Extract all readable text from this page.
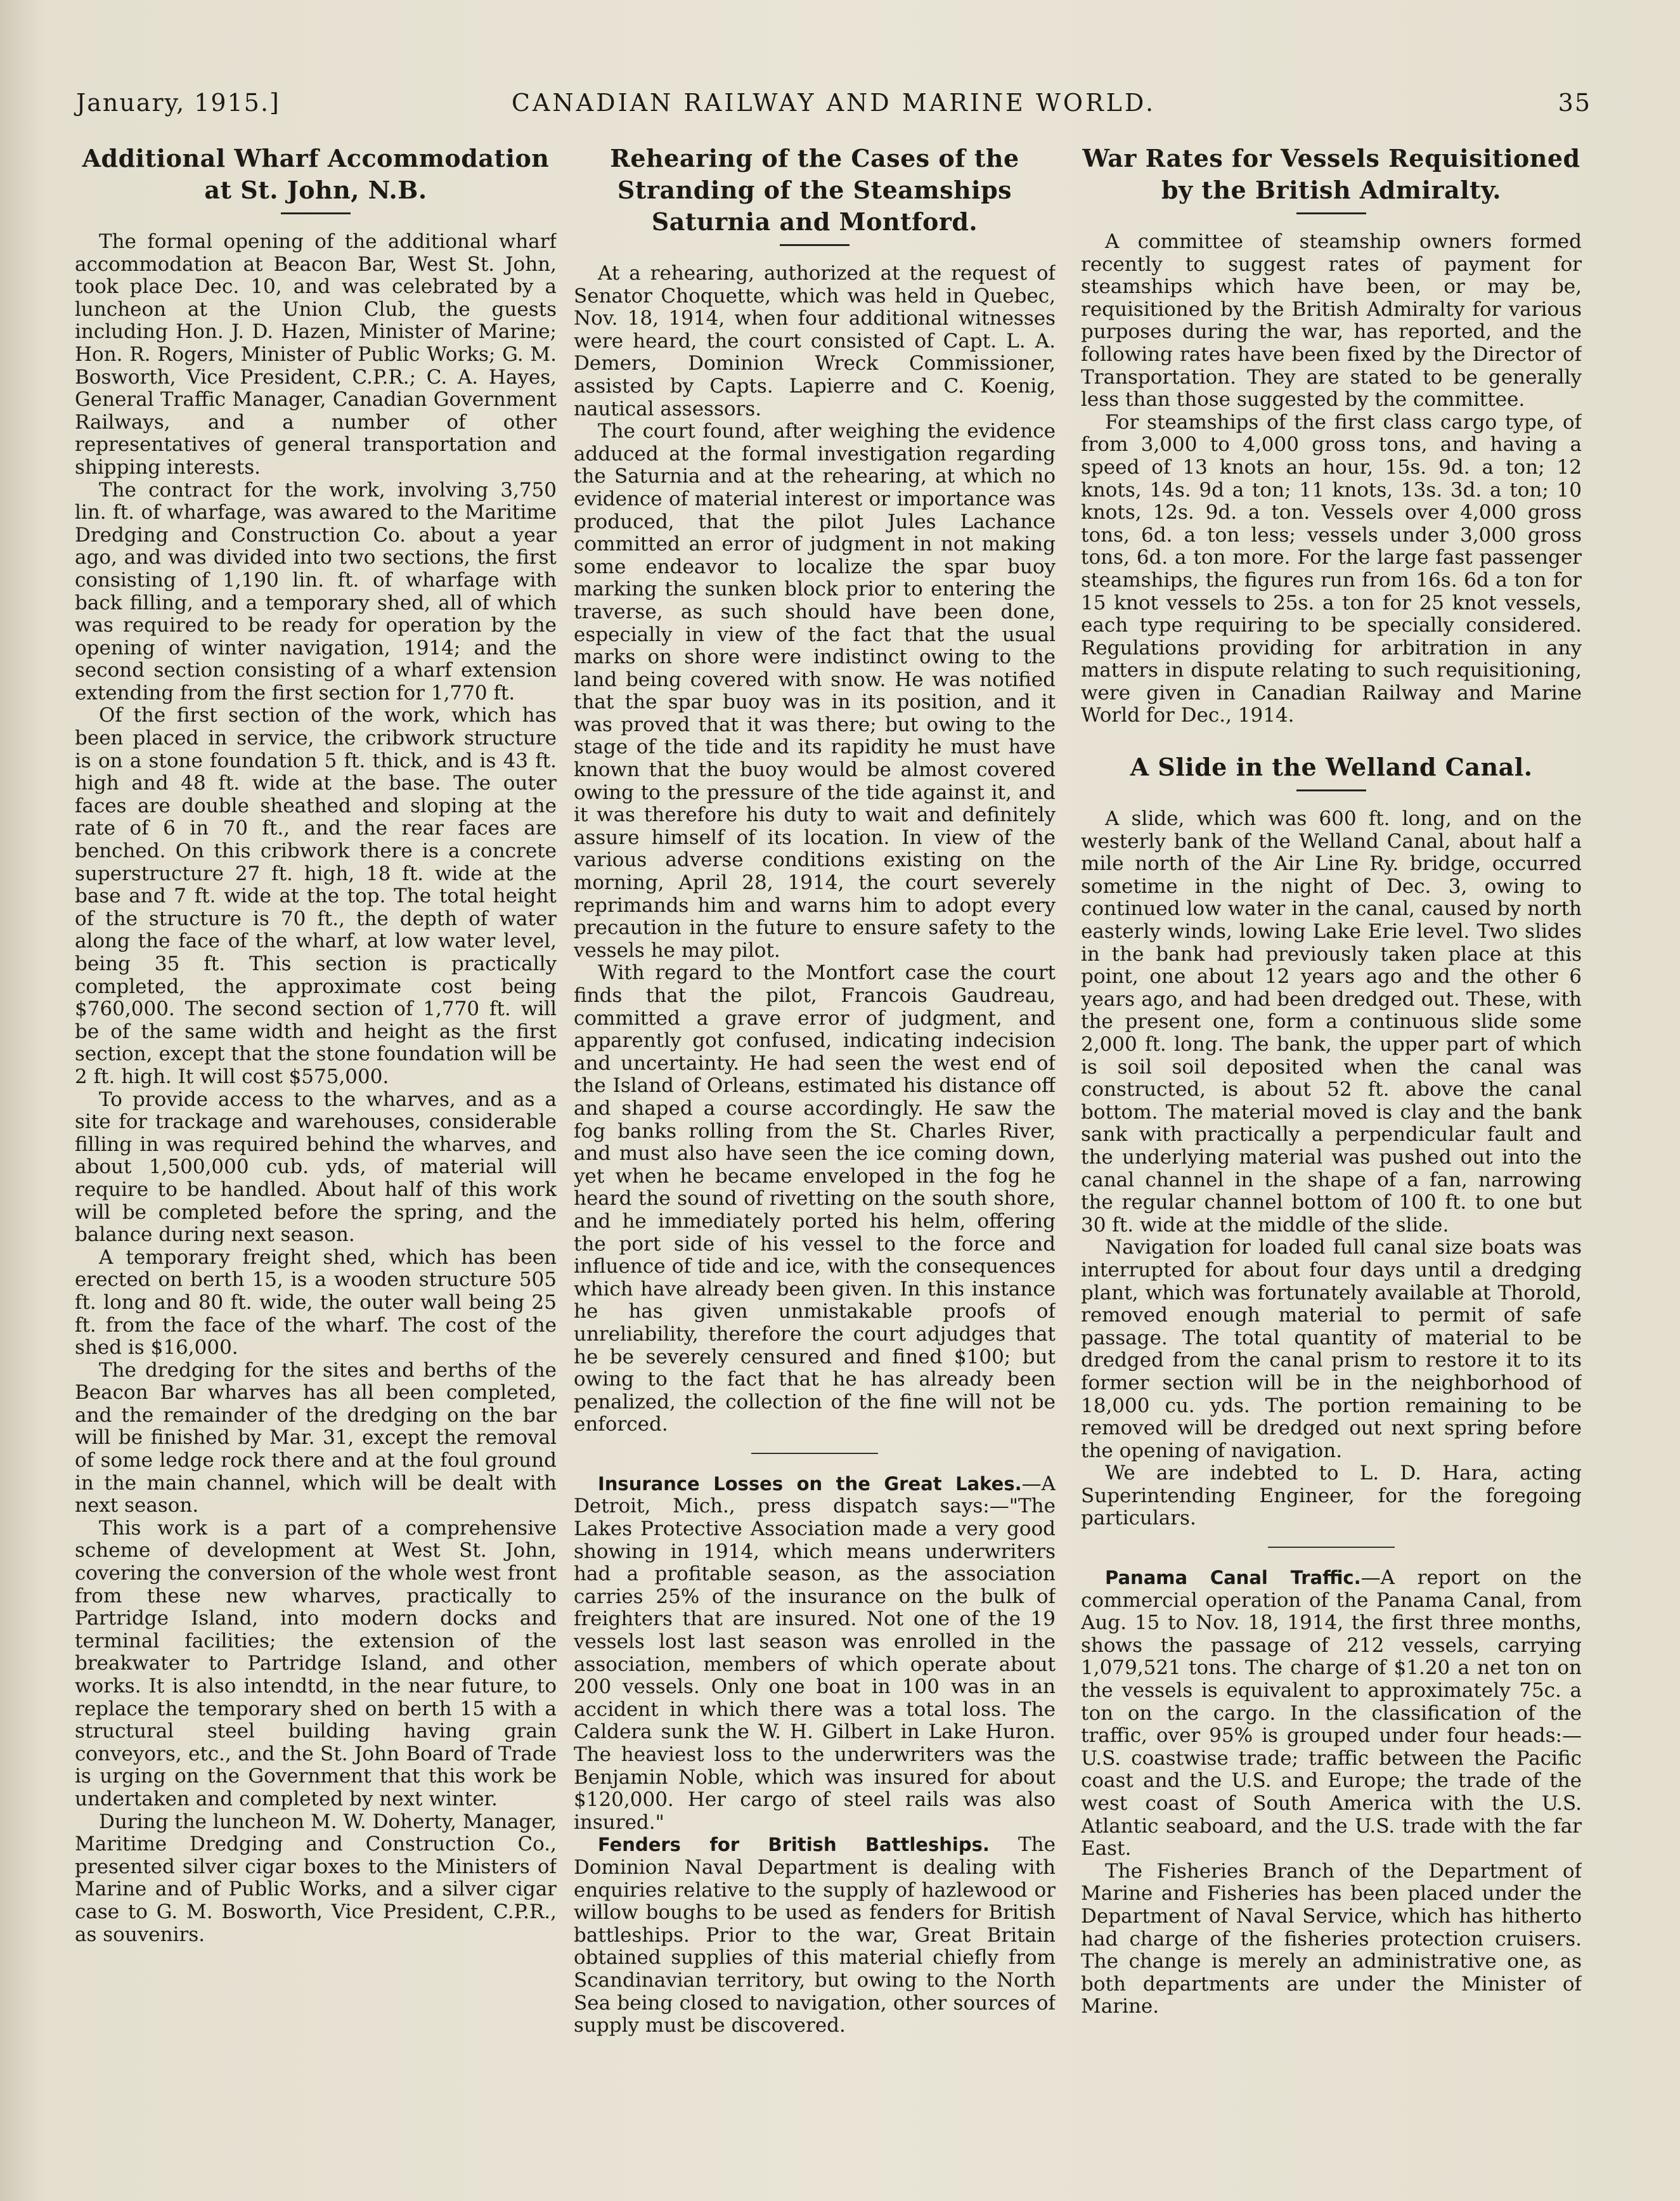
January, 1915.]	CANADIAN RAILWAY AND MARINE WORLD.	35
Additional Wharf Accommodation at St. John, N.B.

The formal opening of the additional wharf accommodation at Beacon Bar, West St. John, took place Dec. 10, and was celebrated by a luncheon at the Union Club, the guests including Hon. J. D. Hazen, Minister of Marine; Hon. R. Rogers, Minister of Public Works; G. M. Bosworth, Vice President, C.P.R.; C. A. Hayes, General Traffic Manager, Canadian Government Railways, and a number of other representatives of general transportation and shipping interests.

The contract for the work, involving 3,750 lin. ft. of wharfage, was awared to the Maritime Dredging and Construction Co. about a year ago, and was divided into two sections, the first consisting of 1,190 lin. ft. of wharfage with back filling, and a temporary shed, all of which was required to be ready for operation by the opening of winter navigation, 1914; and the second section consisting of a wharf extension extending from the first section for 1,770 ft.

Of the first section of the work, which has been placed in service, the cribwork structure is on a stone foundation 5 ft. thick, and is 43 ft. high and 48 ft. wide at the base. The outer faces are double sheathed and sloping at the rate of 6 in 70 ft., and the rear faces are benched. On this cribwork there is a concrete superstructure 27 ft. high, 18 ft. wide at the base and 7 ft. wide at the top. The total height of the structure is 70 ft., the depth of water along the face of the wharf, at low water level, being 35 ft. This section is practically completed, the approximate cost being $760,000. The second section of 1,770 ft. will be of the same width and height as the first section, except that the stone foundation will be 2 ft. high. It will cost $575,000.

To provide access to the wharves, and as a site for trackage and warehouses, considerable filling in was required behind the wharves, and about 1,500,000 cub. yds, of material will require to be handled. About half of this work will be completed before the spring, and the balance during next season.

A temporary freight shed, which has been erected on berth 15, is a wooden structure 505 ft. long and 80 ft. wide, the outer wall being 25 ft. from the face of the wharf. The cost of the shed is $16,000.

The dredging for the sites and berths of the Beacon Bar wharves has all been completed, and the remainder of the dredging on the bar will be finished by Mar. 31, except the removal of some ledge rock there and at the foul ground in the main channel, which will be dealt with next season.

This work is a part of a comprehensive scheme of development at West St. John, covering the conversion of the whole west front from these new wharves, practically to Partridge Island, into modern docks and terminal facilities; the extension of the breakwater to Partridge Island, and other works. It is also intendtd, in the near future, to replace the temporary shed on berth 15 with a structural steel building having grain conveyors, etc., and the St. John Board of Trade is urging on the Government that this work be undertaken and completed by next winter.

During the luncheon M. W. Doherty, Manager, Maritime Dredging and Construction Co., presented silver cigar boxes to the Ministers of Marine and of Public Works, and a silver cigar case to G. M. Bosworth, Vice President, C.P.R., as souvenirs.

Rehearing of the Cases of the Stranding of the Steamships Saturnia and Montford.

At a rehearing, authorized at the request of Senator Choquette, which was held in Quebec, Nov. 18, 1914, when four additional witnesses were heard, the court consisted of Capt. L. A. Demers, Dominion Wreck Commissioner, assisted by Capts. Lapierre and C. Koenig, nautical assessors.

The court found, after weighing the evidence adduced at the formal investigation regarding the Saturnia and at the rehearing, at which no evidence of material interest or importance was produced, that the pilot Jules Lachance committed an error of judgment in not making some endeavor to localize the spar buoy marking the sunken block prior to entering the traverse, as such should have been done, especially in view of the fact that the usual marks on shore were indistinct owing to the land being covered with snow. He was notified that the spar buoy was in its position, and it was proved that it was there; but owing to the stage of the tide and its rapidity he must have known that the buoy would be almost covered owing to the pressure of the tide against it, and it was therefore his duty to wait and definitely assure himself of its location. In view of the various adverse conditions existing on the morning, April 28, 1914, the court severely reprimands him and warns him to adopt every precaution in the future to ensure safety to the vessels he may pilot.

With regard to the Montfort case the court finds that the pilot, Francois Gaudreau, committed a grave error of judgment, and apparently got confused, indicating indecision and uncertainty. He had seen the west end of the Island of Orleans, estimated his distance off and shaped a course accordingly. He saw the fog banks rolling from the St. Charles River, and must also have seen the ice coming down, yet when he became enveloped in the fog he heard the sound of rivetting on the south shore, and he immediately ported his helm, offering the port side of his vessel to the force and influence of tide and ice, with the consequences which have already been given. In this instance he has given unmistakable proofs of unreliability, therefore the court adjudges that he be severely censured and fined $100; but owing to the fact that he has already been penalized, the collection of the fine will not be enforced.

Insurance Losses on the Great Lakes.—A Detroit, Mich., press dispatch says:—"The Lakes Protective Association made a very good showing in 1914, which means underwriters had a profitable season, as the association carries 25% of the insurance on the bulk of freighters that are insured. Not one of the 19 vessels lost last season was enrolled in the association, members of which operate about 200 vessels. Only one boat in 100 was in an accident in which there was a total loss. The Caldera sunk the W. H. Gilbert in Lake Huron. The heaviest loss to the underwriters was the Benjamin Noble, which was insured for about $120,000. Her cargo of steel rails was also insured."

Fenders for British Battleships. The Dominion Naval Department is dealing with enquiries relative to the supply of hazlewood or willow boughs to be used as fenders for British battleships. Prior to the war, Great Britain obtained supplies of this material chiefly from Scandinavian territory, but owing to the North Sea being closed to navigation, other sources of supply must be discovered.

War Rates for Vessels Requisitioned by the British Admiralty.

A committee of steamship owners formed recently to suggest rates of payment for steamships which have been, or may be, requisitioned by the British Admiralty for various purposes during the war, has reported, and the following rates have been fixed by the Director of Transportation. They are stated to be generally less than those suggested by the committee.

For steamships of the first class cargo type, of from 3,000 to 4,000 gross tons, and having a speed of 13 knots an hour, 15s. 9d. a ton; 12 knots, 14s. 9d a ton; 11 knots, 13s. 3d. a ton; 10 knots, 12s. 9d. a ton. Vessels over 4,000 gross tons, 6d. a ton less; vessels under 3,000 gross tons, 6d. a ton more. For the large fast passenger steamships, the figures run from 16s. 6d a ton for 15 knot vessels to 25s. a ton for 25 knot vessels, each type requiring to be specially considered. Regulations providing for arbitration in any matters in dispute relating to such requisitioning, were given in Canadian Railway and Marine World for Dec., 1914.

A Slide in the Welland Canal.

A slide, which was 600 ft. long, and on the westerly bank of the Welland Canal, about half a mile north of the Air Line Ry. bridge, occurred sometime in the night of Dec. 3, owing to continued low water in the canal, caused by north easterly winds, lowing Lake Erie level. Two slides in the bank had previously taken place at this point, one about 12 years ago and the other 6 years ago, and had been dredged out. These, with the present one, form a continuous slide some 2,000 ft. long. The bank, the upper part of which is soil soil deposited when the canal was constructed, is about 52 ft. above the canal bottom. The material moved is clay and the bank sank with practically a perpendicular fault and the underlying material was pushed out into the canal channel in the shape of a fan, narrowing the regular channel bottom of 100 ft. to one but 30 ft. wide at the middle of the slide.

Navigation for loaded full canal size boats was interrupted for about four days until a dredging plant, which was fortunately available at Thorold, removed enough material to permit of safe passage. The total quantity of material to be dredged from the canal prism to restore it to its former section will be in the neighborhood of 18,000 cu. yds. The portion remaining to be removed will be dredged out next spring before the opening of navigation.

We are indebted to L. D. Hara, acting Superintending Engineer, for the foregoing particulars.

Panama Canal Traffic.—A report on the commercial operation of the Panama Canal, from Aug. 15 to Nov. 18, 1914, the first three months, shows the passage of 212 vessels, carrying 1,079,521 tons. The charge of $1.20 a net ton on the vessels is equivalent to approximately 75c. a ton on the cargo. In the classification of the traffic, over 95% is grouped under four heads:— U.S. coastwise trade; traffic between the Pacific coast and the U.S. and Europe; the trade of the west coast of South America with the U.S. Atlantic seaboard, and the U.S. trade with the far East.

The Fisheries Branch of the Department of Marine and Fisheries has been placed under the Department of Naval Service, which has hitherto had charge of the fisheries protection cruisers. The change is merely an administrative one, as both departments are under the Minister of Marine.
